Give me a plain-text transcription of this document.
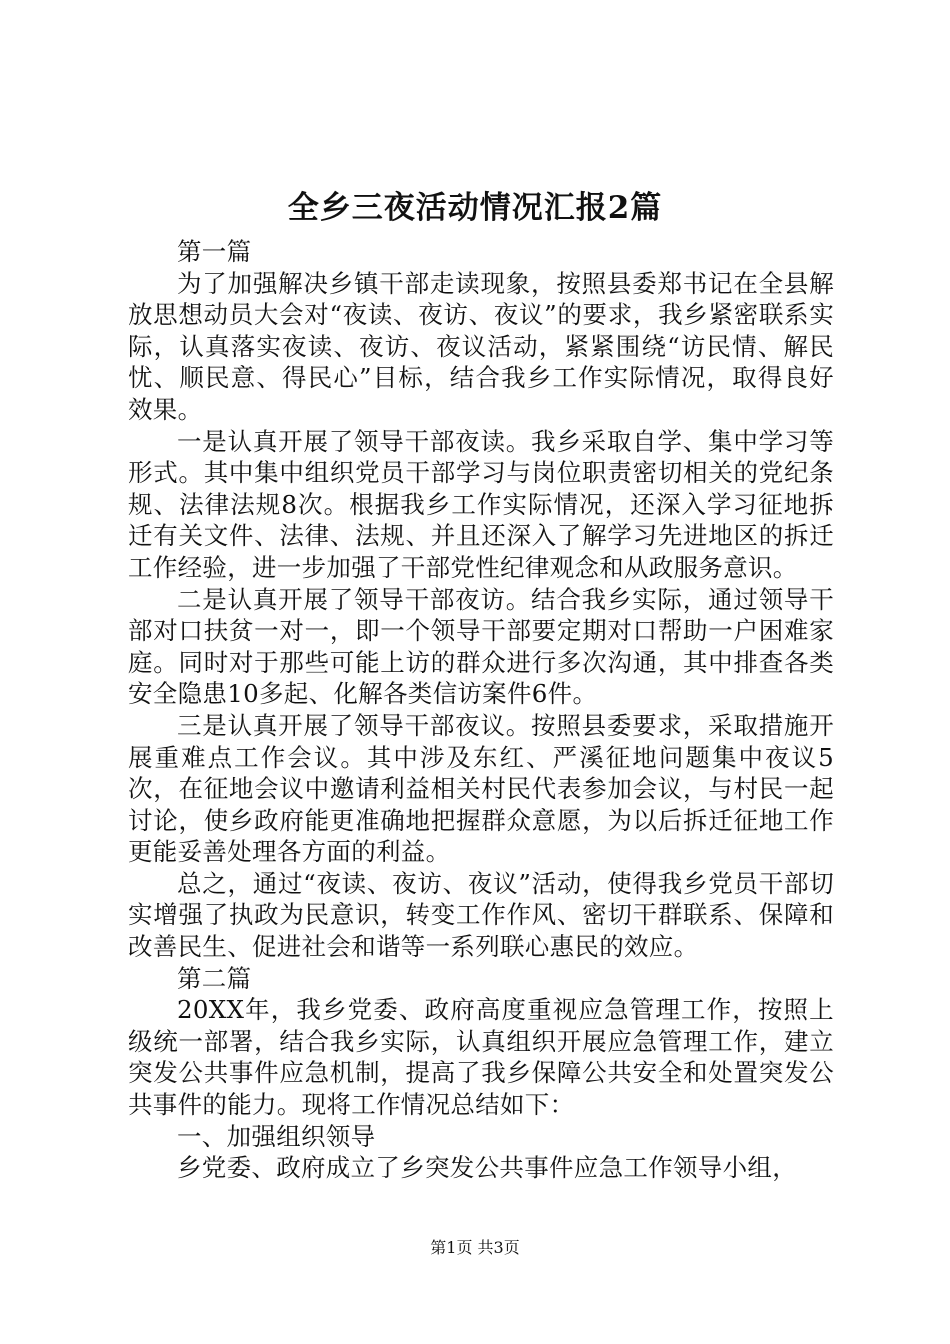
全乡三夜活动情况汇报2篇

第一篇

为了加强解决乡镇干部走读现象，按照县委郑书记在全县解放思想动员大会对“夜读、夜访、夜议”的要求，我乡紧密联系实际，认真落实夜读、夜访、夜议活动，紧紧围绕“访民情、解民忧、顺民意、得民心”目标，结合我乡工作实际情况，取得良好效果。

一是认真开展了领导干部夜读。我乡采取自学、集中学习等形式。其中集中组织党员干部学习与岗位职责密切相关的党纪条规、法律法规8次。根据我乡工作实际情况，还深入学习征地拆迁有关文件、法律、法规、并且还深入了解学习先进地区的拆迁工作经验，进一步加强了干部党性纪律观念和从政服务意识。

二是认真开展了领导干部夜访。结合我乡实际，通过领导干部对口扶贫一对一，即一个领导干部要定期对口帮助一户困难家庭。同时对于那些可能上访的群众进行多次沟通，其中排查各类安全隐患10多起、化解各类信访案件6件。

三是认真开展了领导干部夜议。按照县委要求，采取措施开展重难点工作会议。其中涉及东红、严溪征地问题集中夜议5次，在征地会议中邀请利益相关村民代表参加会议，与村民一起讨论，使乡政府能更准确地把握群众意愿，为以后拆迁征地工作更能妥善处理各方面的利益。

总之，通过“夜读、夜访、夜议”活动，使得我乡党员干部切实增强了执政为民意识，转变工作作风、密切干群联系、保障和改善民生、促进社会和谐等一系列联心惠民的效应。

第二篇

20XX年，我乡党委、政府高度重视应急管理工作，按照上级统一部署，结合我乡实际，认真组织开展应急管理工作，建立突发公共事件应急机制，提高了我乡保障公共安全和处置突发公共事件的能力。现将工作情况总结如下：

一、加强组织领导

乡党委、政府成立了乡突发公共事件应急工作领导小组，

第1页 共3页
